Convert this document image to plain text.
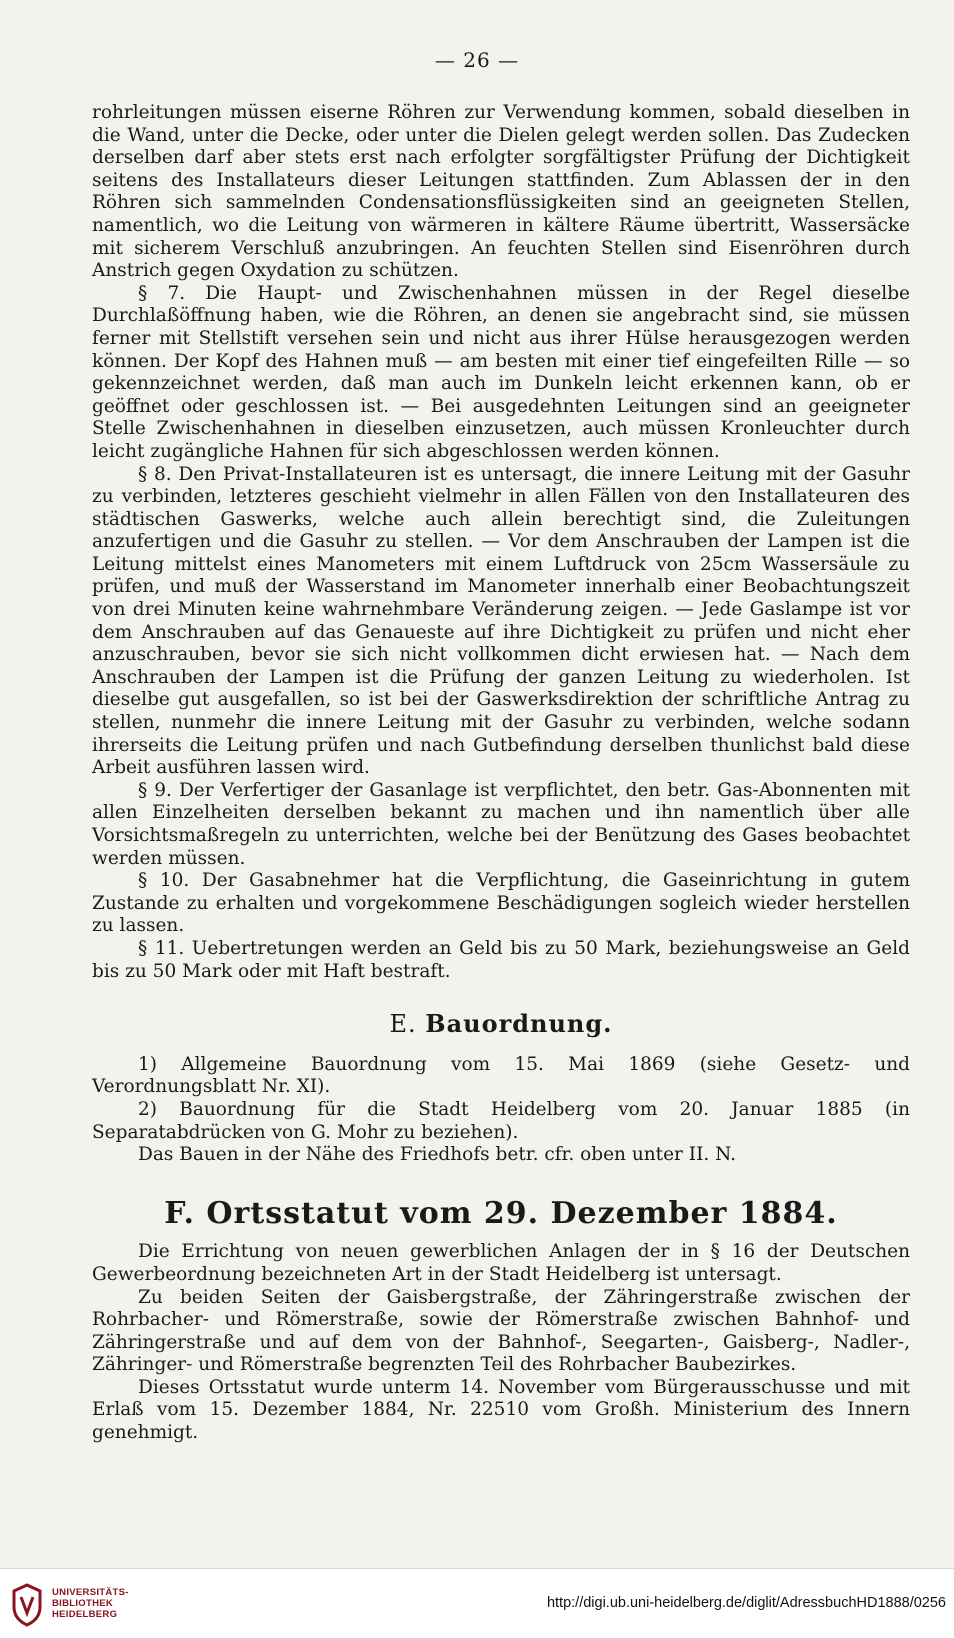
— 26 —

rohrleitungen müssen eiserne Röhren zur Verwendung kommen, sobald dieselben in die Wand, unter die Decke, oder unter die Dielen gelegt werden sollen. Das Zudecken derselben darf aber stets erst nach erfolgter sorgfältigster Prüfung der Dichtigkeit seitens des Installateurs dieser Leitungen stattfinden. Zum Ablassen der in den Röhren sich sammelnden Condensationsflüssigkeiten sind an geeigneten Stellen, namentlich, wo die Leitung von wärmeren in kältere Räume übertritt, Wassersäcke mit sicherem Verschluß anzubringen. An feuchten Stellen sind Eisenröhren durch Anstrich gegen Oxydation zu schützen.

§ 7. Die Haupt- und Zwischenhahnen müssen in der Regel dieselbe Durchlaßöffnung haben, wie die Röhren, an denen sie angebracht sind, sie müssen ferner mit Stellstift versehen sein und nicht aus ihrer Hülse herausgezogen werden können. Der Kopf des Hahnen muß — am besten mit einer tief eingefeilten Rille — so gekennzeichnet werden, daß man auch im Dunkeln leicht erkennen kann, ob er geöffnet oder geschlossen ist. — Bei ausgedehnten Leitungen sind an geeigneter Stelle Zwischenhahnen in dieselben einzusetzen, auch müssen Kronleuchter durch leicht zugängliche Hahnen für sich abgeschlossen werden können.

§ 8. Den Privat-Installateuren ist es untersagt, die innere Leitung mit der Gasuhr zu verbinden, letzteres geschieht vielmehr in allen Fällen von den Installateuren des städtischen Gaswerks, welche auch allein berechtigt sind, die Zuleitungen anzufertigen und die Gasuhr zu stellen. — Vor dem Anschrauben der Lampen ist die Leitung mittelst eines Manometers mit einem Luftdruck von 25cm Wassersäule zu prüfen, und muß der Wasserstand im Manometer innerhalb einer Beobachtungszeit von drei Minuten keine wahrnehmbare Veränderung zeigen. — Jede Gaslampe ist vor dem Anschrauben auf das Genaueste auf ihre Dichtigkeit zu prüfen und nicht eher anzuschrauben, bevor sie sich nicht vollkommen dicht erwiesen hat. — Nach dem Anschrauben der Lampen ist die Prüfung der ganzen Leitung zu wiederholen. Ist dieselbe gut ausgefallen, so ist bei der Gaswerksdirektion der schriftliche Antrag zu stellen, nunmehr die innere Leitung mit der Gasuhr zu verbinden, welche sodann ihrerseits die Leitung prüfen und nach Gutbefindung derselben thunlichst bald diese Arbeit ausführen lassen wird.

§ 9. Der Verfertiger der Gasanlage ist verpflichtet, den betr. Gas-Abonnenten mit allen Einzelheiten derselben bekannt zu machen und ihn namentlich über alle Vorsichtsmaßregeln zu unterrichten, welche bei der Benützung des Gases beobachtet werden müssen.

§ 10. Der Gasabnehmer hat die Verpflichtung, die Gaseinrichtung in gutem Zustande zu erhalten und vorgekommene Beschädigungen sogleich wieder herstellen zu lassen.

§ 11. Uebertretungen werden an Geld bis zu 50 Mark, beziehungsweise an Geld bis zu 50 Mark oder mit Haft bestraft.

E. Bauordnung.

1) Allgemeine Bauordnung vom 15. Mai 1869 (siehe Gesetz- und Verordnungsblatt Nr. XI).

2) Bauordnung für die Stadt Heidelberg vom 20. Januar 1885 (in Separatabdrücken von G. Mohr zu beziehen).

Das Bauen in der Nähe des Friedhofs betr. cfr. oben unter II. N.

F. Ortsstatut vom 29. Dezember 1884.

Die Errichtung von neuen gewerblichen Anlagen der in § 16 der Deutschen Gewerbeordnung bezeichneten Art in der Stadt Heidelberg ist untersagt.

Zu beiden Seiten der Gaisbergstraße, der Zähringerstraße zwischen der Rohrbacher- und Römerstraße, sowie der Römerstraße zwischen Bahnhof- und Zähringerstraße und auf dem von der Bahnhof-, Seegarten-, Gaisberg-, Nadler-, Zähringer- und Römerstraße begrenzten Teil des Rohrbacher Baubezirkes.

Dieses Ortsstatut wurde unterm 14. November vom Bürgerausschusse und mit Erlaß vom 15. Dezember 1884, Nr. 22510 vom Großh. Ministerium des Innern genehmigt.

UNIVERSITÄTS-
BIBLIOTHEK
HEIDELBERG
http://digi.ub.uni-heidelberg.de/diglit/AdressbuchHD1888/0256
